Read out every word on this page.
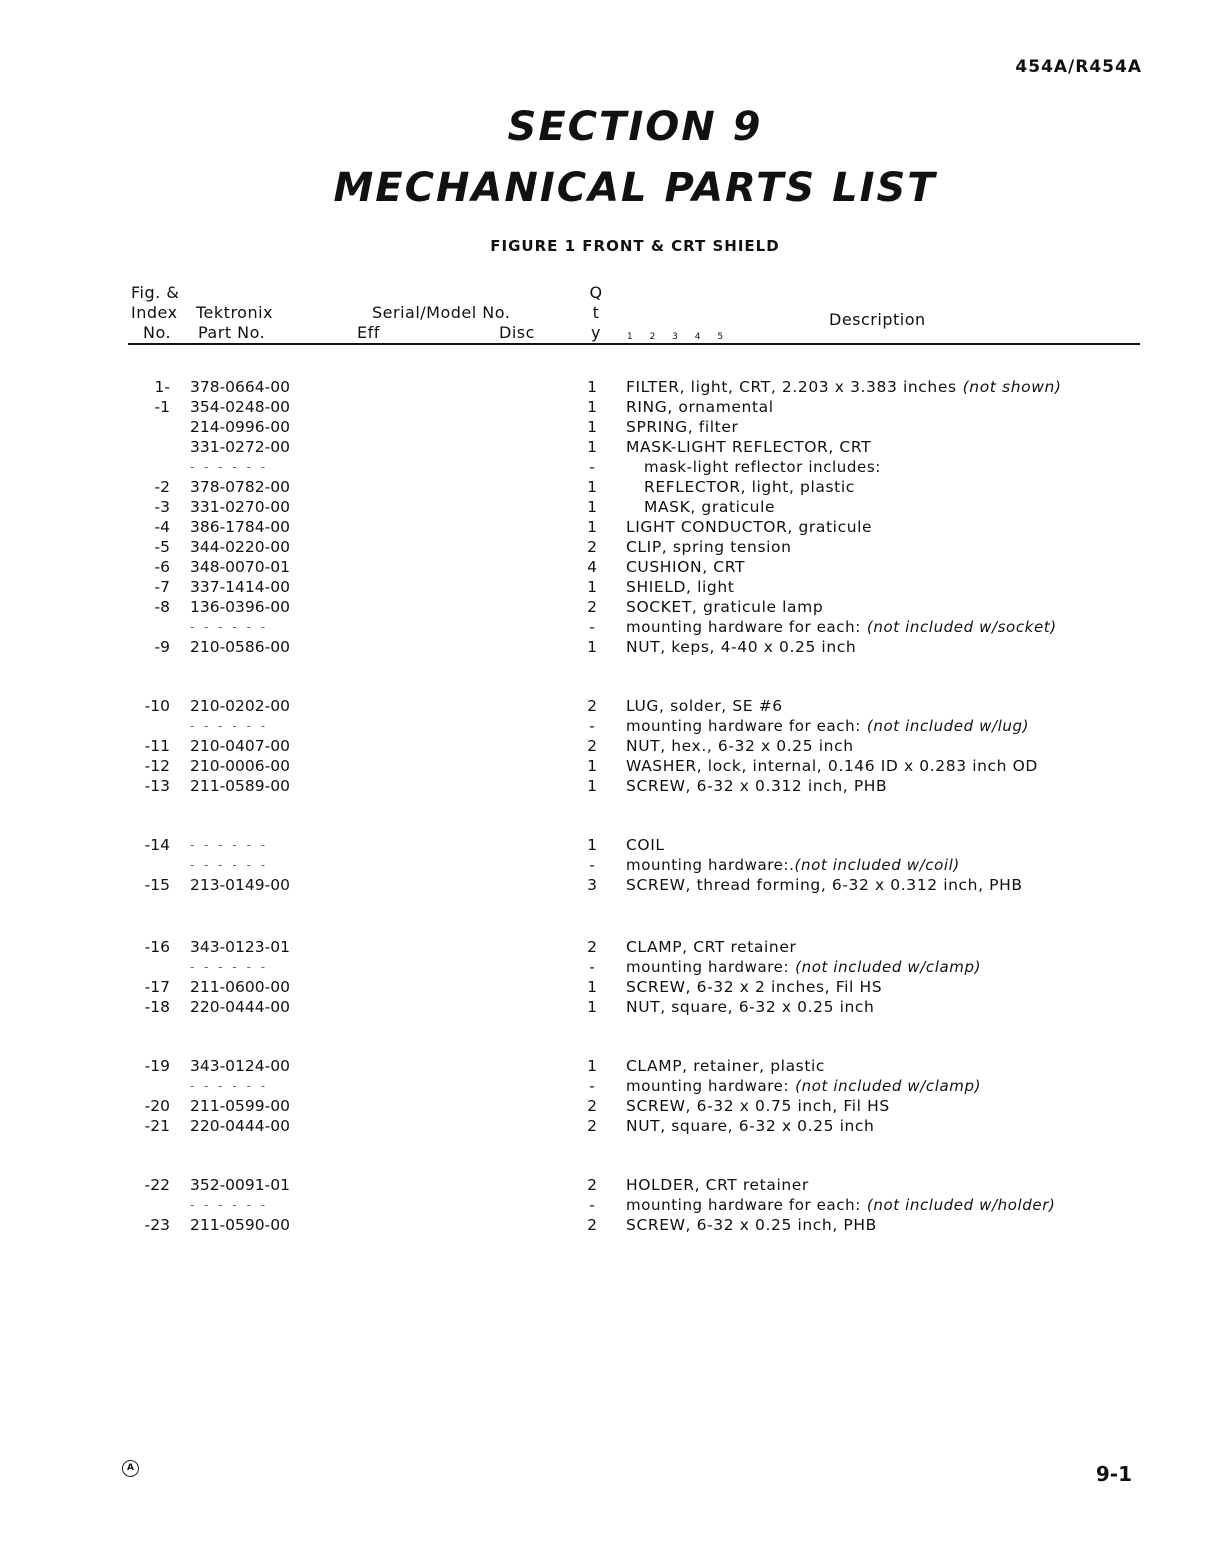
454A/R454A
SECTION 9
MECHANICAL PARTS LIST
FIGURE 1 FRONT & CRT SHIELD
Fig. &
Index
No.
Tektronix
Part No.
Serial/Model No.
Eff	Disc
Q
t
y	1 2 3 4 5
Description
1- 378-0664-00	1	FILTER, light, CRT, 2.203 x 3.383 inches (not shown)
-1 354-0248-00	1	RING, ornamental
214-0996-00	1	SPRING, filter
331-0272-00	1	MASK-LIGHT REFLECTOR, CRT
- - - - - -	-	mask-light reflector includes:
-2 378-0782-00	1	REFLECTOR, light, plastic
-3 331-0270-00	1	MASK, graticule
-4 386-1784-00	1	LIGHT CONDUCTOR, graticule
-5 344-0220-00	2	CLIP, spring tension
-6 348-0070-01	4	CUSHION, CRT
-7 337-1414-00	1	SHIELD, light
-8 136-0396-00	2	SOCKET, graticule lamp
- - - - - -	-	mounting hardware for each: (not included w/socket)
-9 210-0586-00	1	NUT, keps, 4-40 x 0.25 inch
-10 210-0202-00	2	LUG, solder, SE #6
- - - - - -	-	mounting hardware for each: (not included w/lug)
-11 210-0407-00	2	NUT, hex., 6-32 x 0.25 inch
-12 210-0006-00	1	WASHER, lock, internal, 0.146 ID x 0.283 inch OD
-13 211-0589-00	1	SCREW, 6-32 x 0.312 inch, PHB
-14 - - - - - -	1	COIL
- - - - - -	-	mounting hardware:.(not included w/coil)
-15 213-0149-00	3	SCREW, thread forming, 6-32 x 0.312 inch, PHB
-16 343-0123-01	2	CLAMP, CRT retainer
- - - - - -	-	mounting hardware: (not included w/clamp)
-17 211-0600-00	1	SCREW, 6-32 x 2 inches, Fil HS
-18 220-0444-00	1	NUT, square, 6-32 x 0.25 inch
-19 343-0124-00	1	CLAMP, retainer, plastic
- - - - - -	-	mounting hardware: (not included w/clamp)
-20 211-0599-00	2	SCREW, 6-32 x 0.75 inch, Fil HS
-21 220-0444-00	2	NUT, square, 6-32 x 0.25 inch
-22 352-0091-01	2	HOLDER, CRT retainer
- - - - - -	-	mounting hardware for each: (not included w/holder)
-23 211-0590-00	2	SCREW, 6-32 x 0.25 inch, PHB
A	9-1
